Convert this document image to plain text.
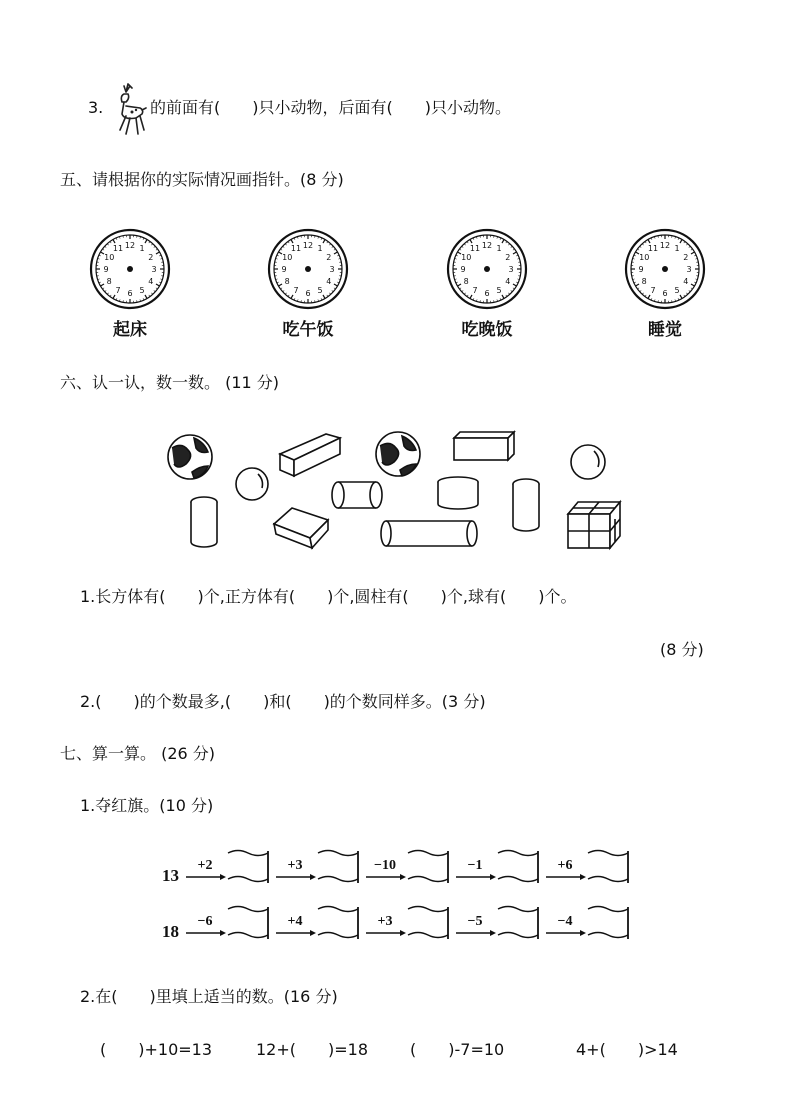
3.	的前面有(　　)只小动物，后面有(　　)只小动物。
五、请根据你的实际情况画指针。(8 分)
12 1
2
3
4
5
6
7
8
9
10
11	12 1
2
3
4
5
6
7
8
9
10
11	12 1
2
3
4
5
6
7
8
9
10
11	12 1
2
3
4
5
6
7
8
9
10
11
起床	吃午饭	吃晚饭	睡觉
六、认一认，数一数。 (11 分)
1.长方体有(　　)个,正方体有(　　)个,圆柱有(　　)个,球有(　　)个。
(8 分)
2.(　　)的个数最多,(　　)和(　　)的个数同样多。(3 分)
七、算一算。 (26 分)
1.夺红旗。(10 分)
13
+2	+3	−10	−1	+6
18
−6	+4	+3	−5	−4
2.在(　　)里填上适当的数。(16 分)
(　　)+10=13	12+(　　)=18	(　　)-7=10	4+(　　)>14
